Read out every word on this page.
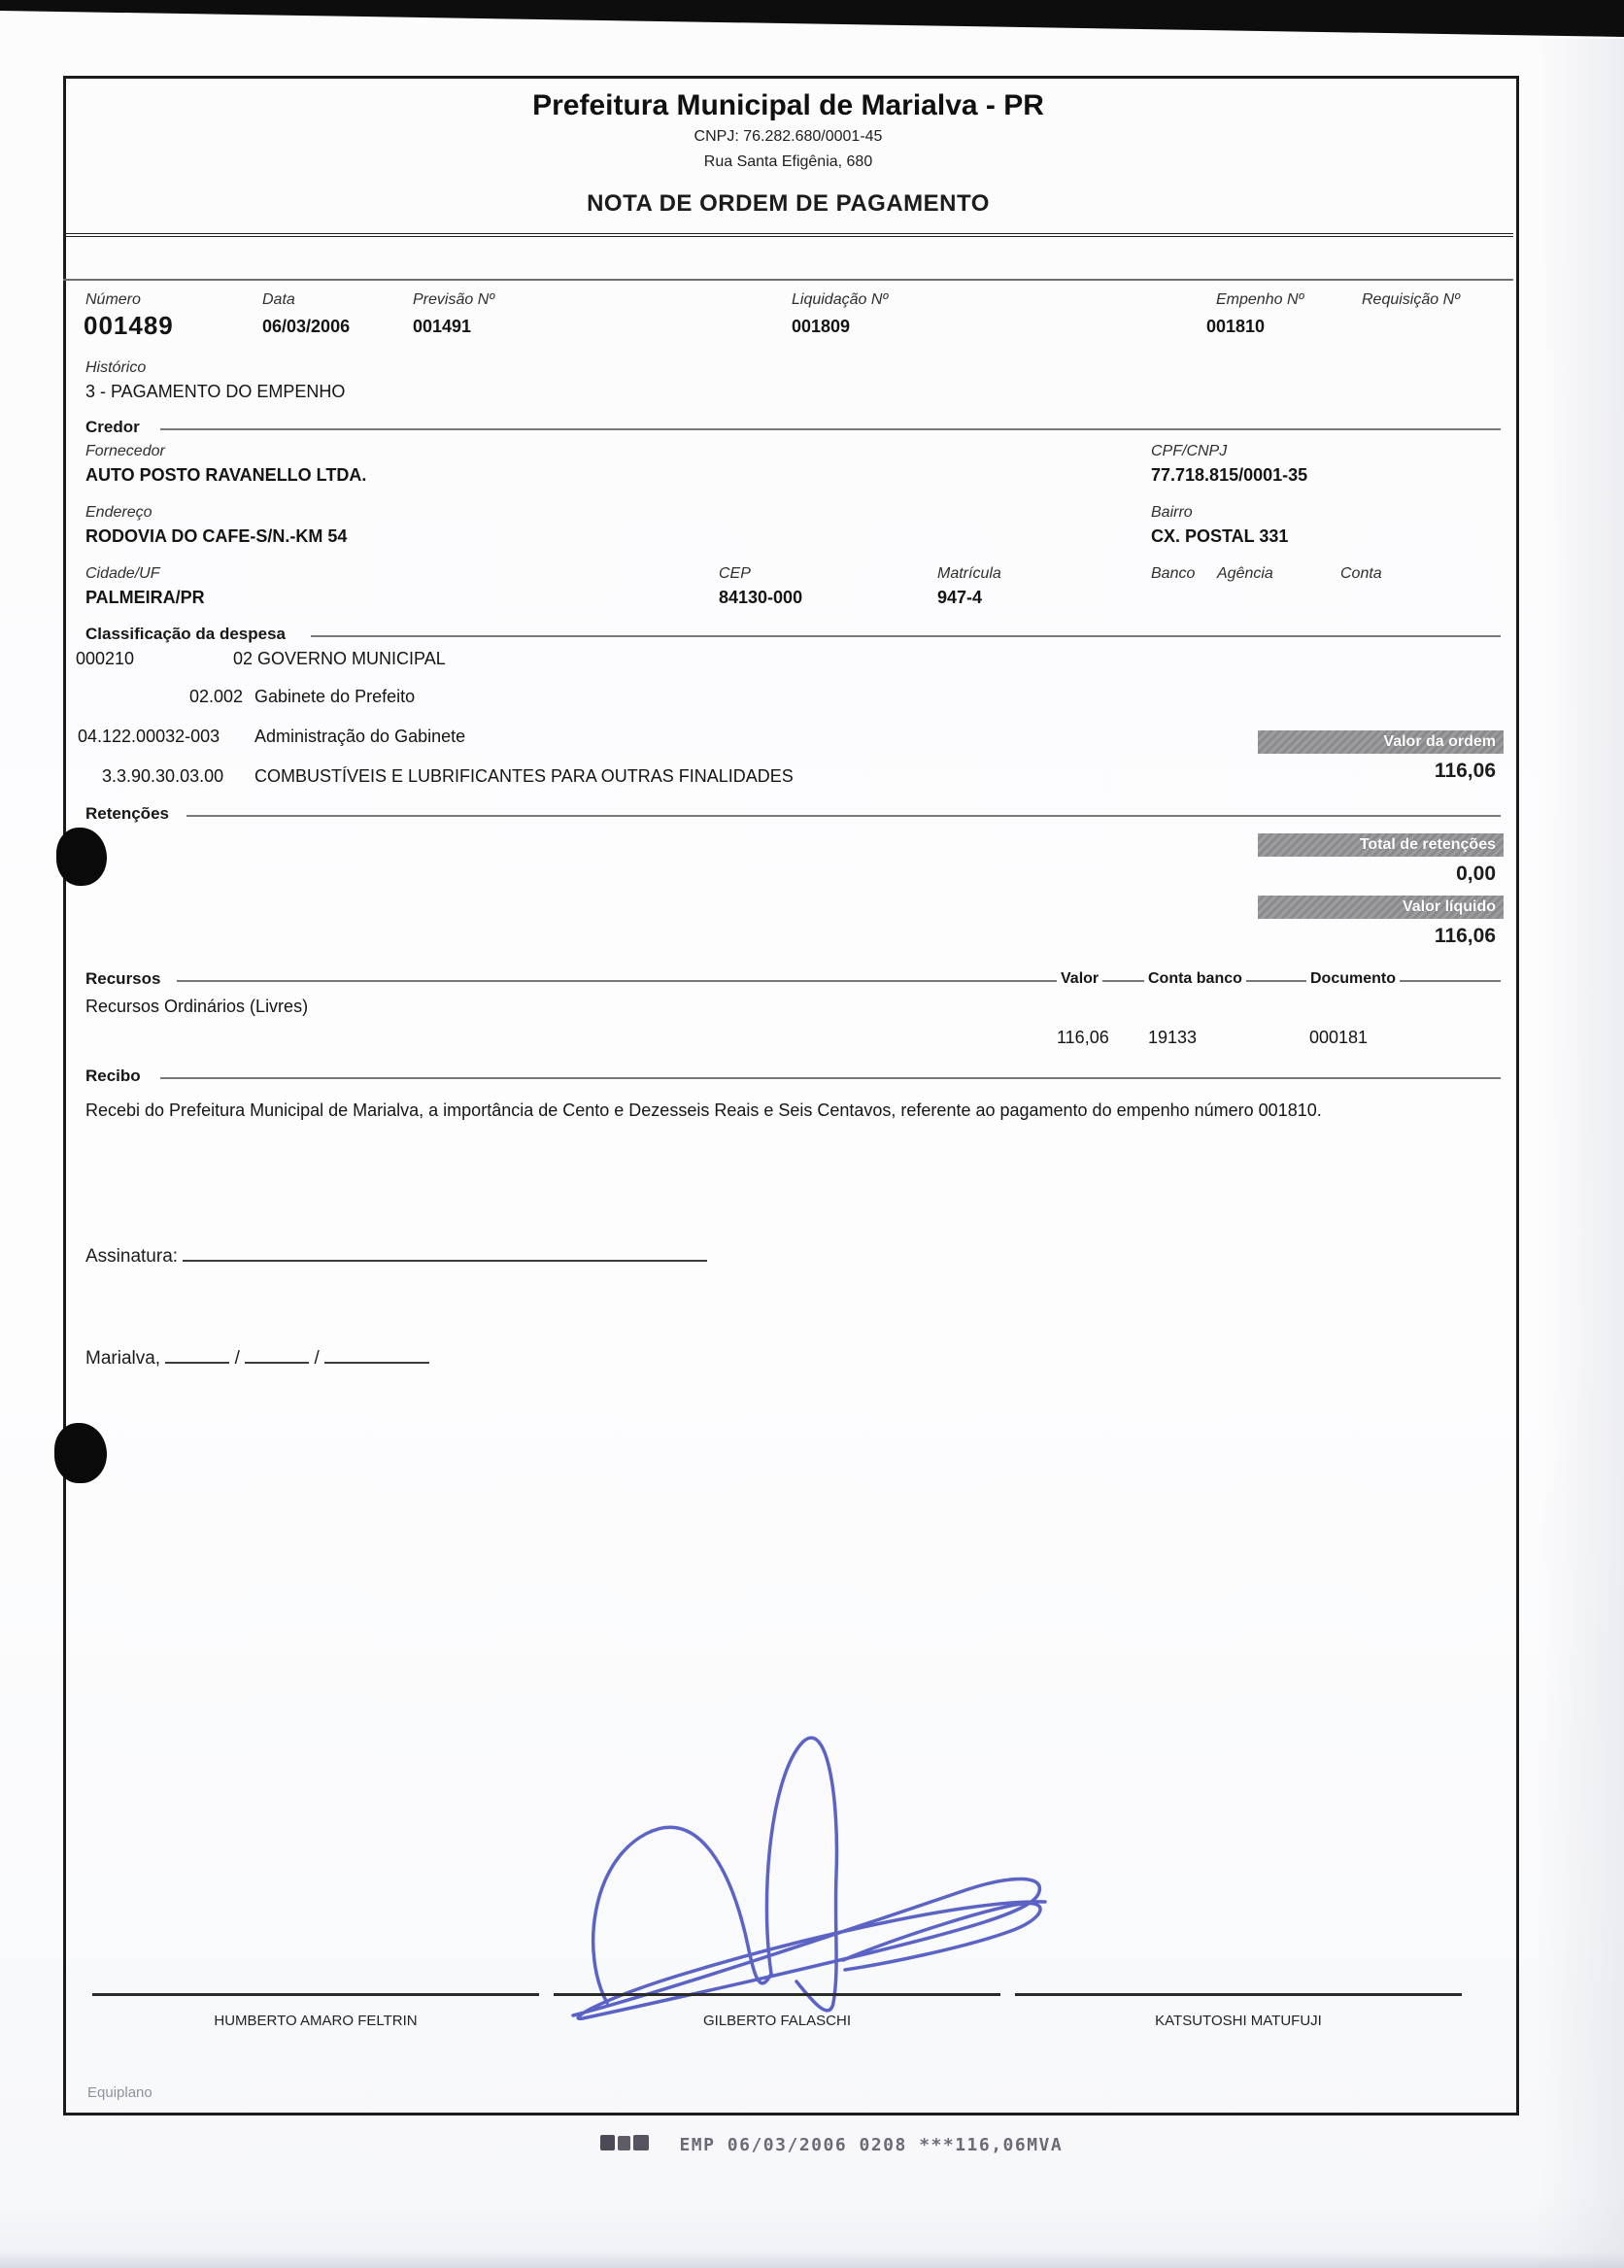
Prefeitura Municipal de Marialva - PR
CNPJ: 76.282.680/0001-45
Rua Santa Efigênia, 680
NOTA DE ORDEM DE PAGAMENTO
Número
001489
Data
06/03/2006
Previsão Nº
001491
Liquidação Nº
001809
Empenho Nº
001810
Requisição Nº
Histórico
3 - PAGAMENTO DO EMPENHO
Credor
Fornecedor
AUTO POSTO RAVANELLO LTDA.
CPF/CNPJ
77.718.815/0001-35
Endereço
RODOVIA DO CAFE-S/N.-KM 54
Bairro
CX. POSTAL 331
Cidade/UF
PALMEIRA/PR
CEP
84130-000
Matrícula
947-4
Banco Agência	Conta
Classificação da despesa
000210	02 GOVERNO MUNICIPAL
02.002 Gabinete do Prefeito
04.122.00032-003 Administração do Gabinete
3.3.90.30.03.00 COMBUSTÍVEIS E LUBRIFICANTES PARA OUTRAS FINALIDADES
Valor da ordem
116,06
Retenções
Total de retenções
0,00
Valor líquido
116,06
Recursos	Valor	Conta banco	Documento
Recursos Ordinários (Livres)
116,06 19133	000181
Recibo
Recebi do Prefeitura Municipal de Marialva, a importância de Cento e Dezesseis Reais e Seis Centavos, referente ao pagamento do empenho número 001810.
Assinatura:
Marialva,	/	/
HUMBERTO AMARO FELTRIN	GILBERTO FALASCHI	KATSUTOSHI MATUFUJI
Equiplano
EMP 06/03/2006 0208 ***116,06MVA
